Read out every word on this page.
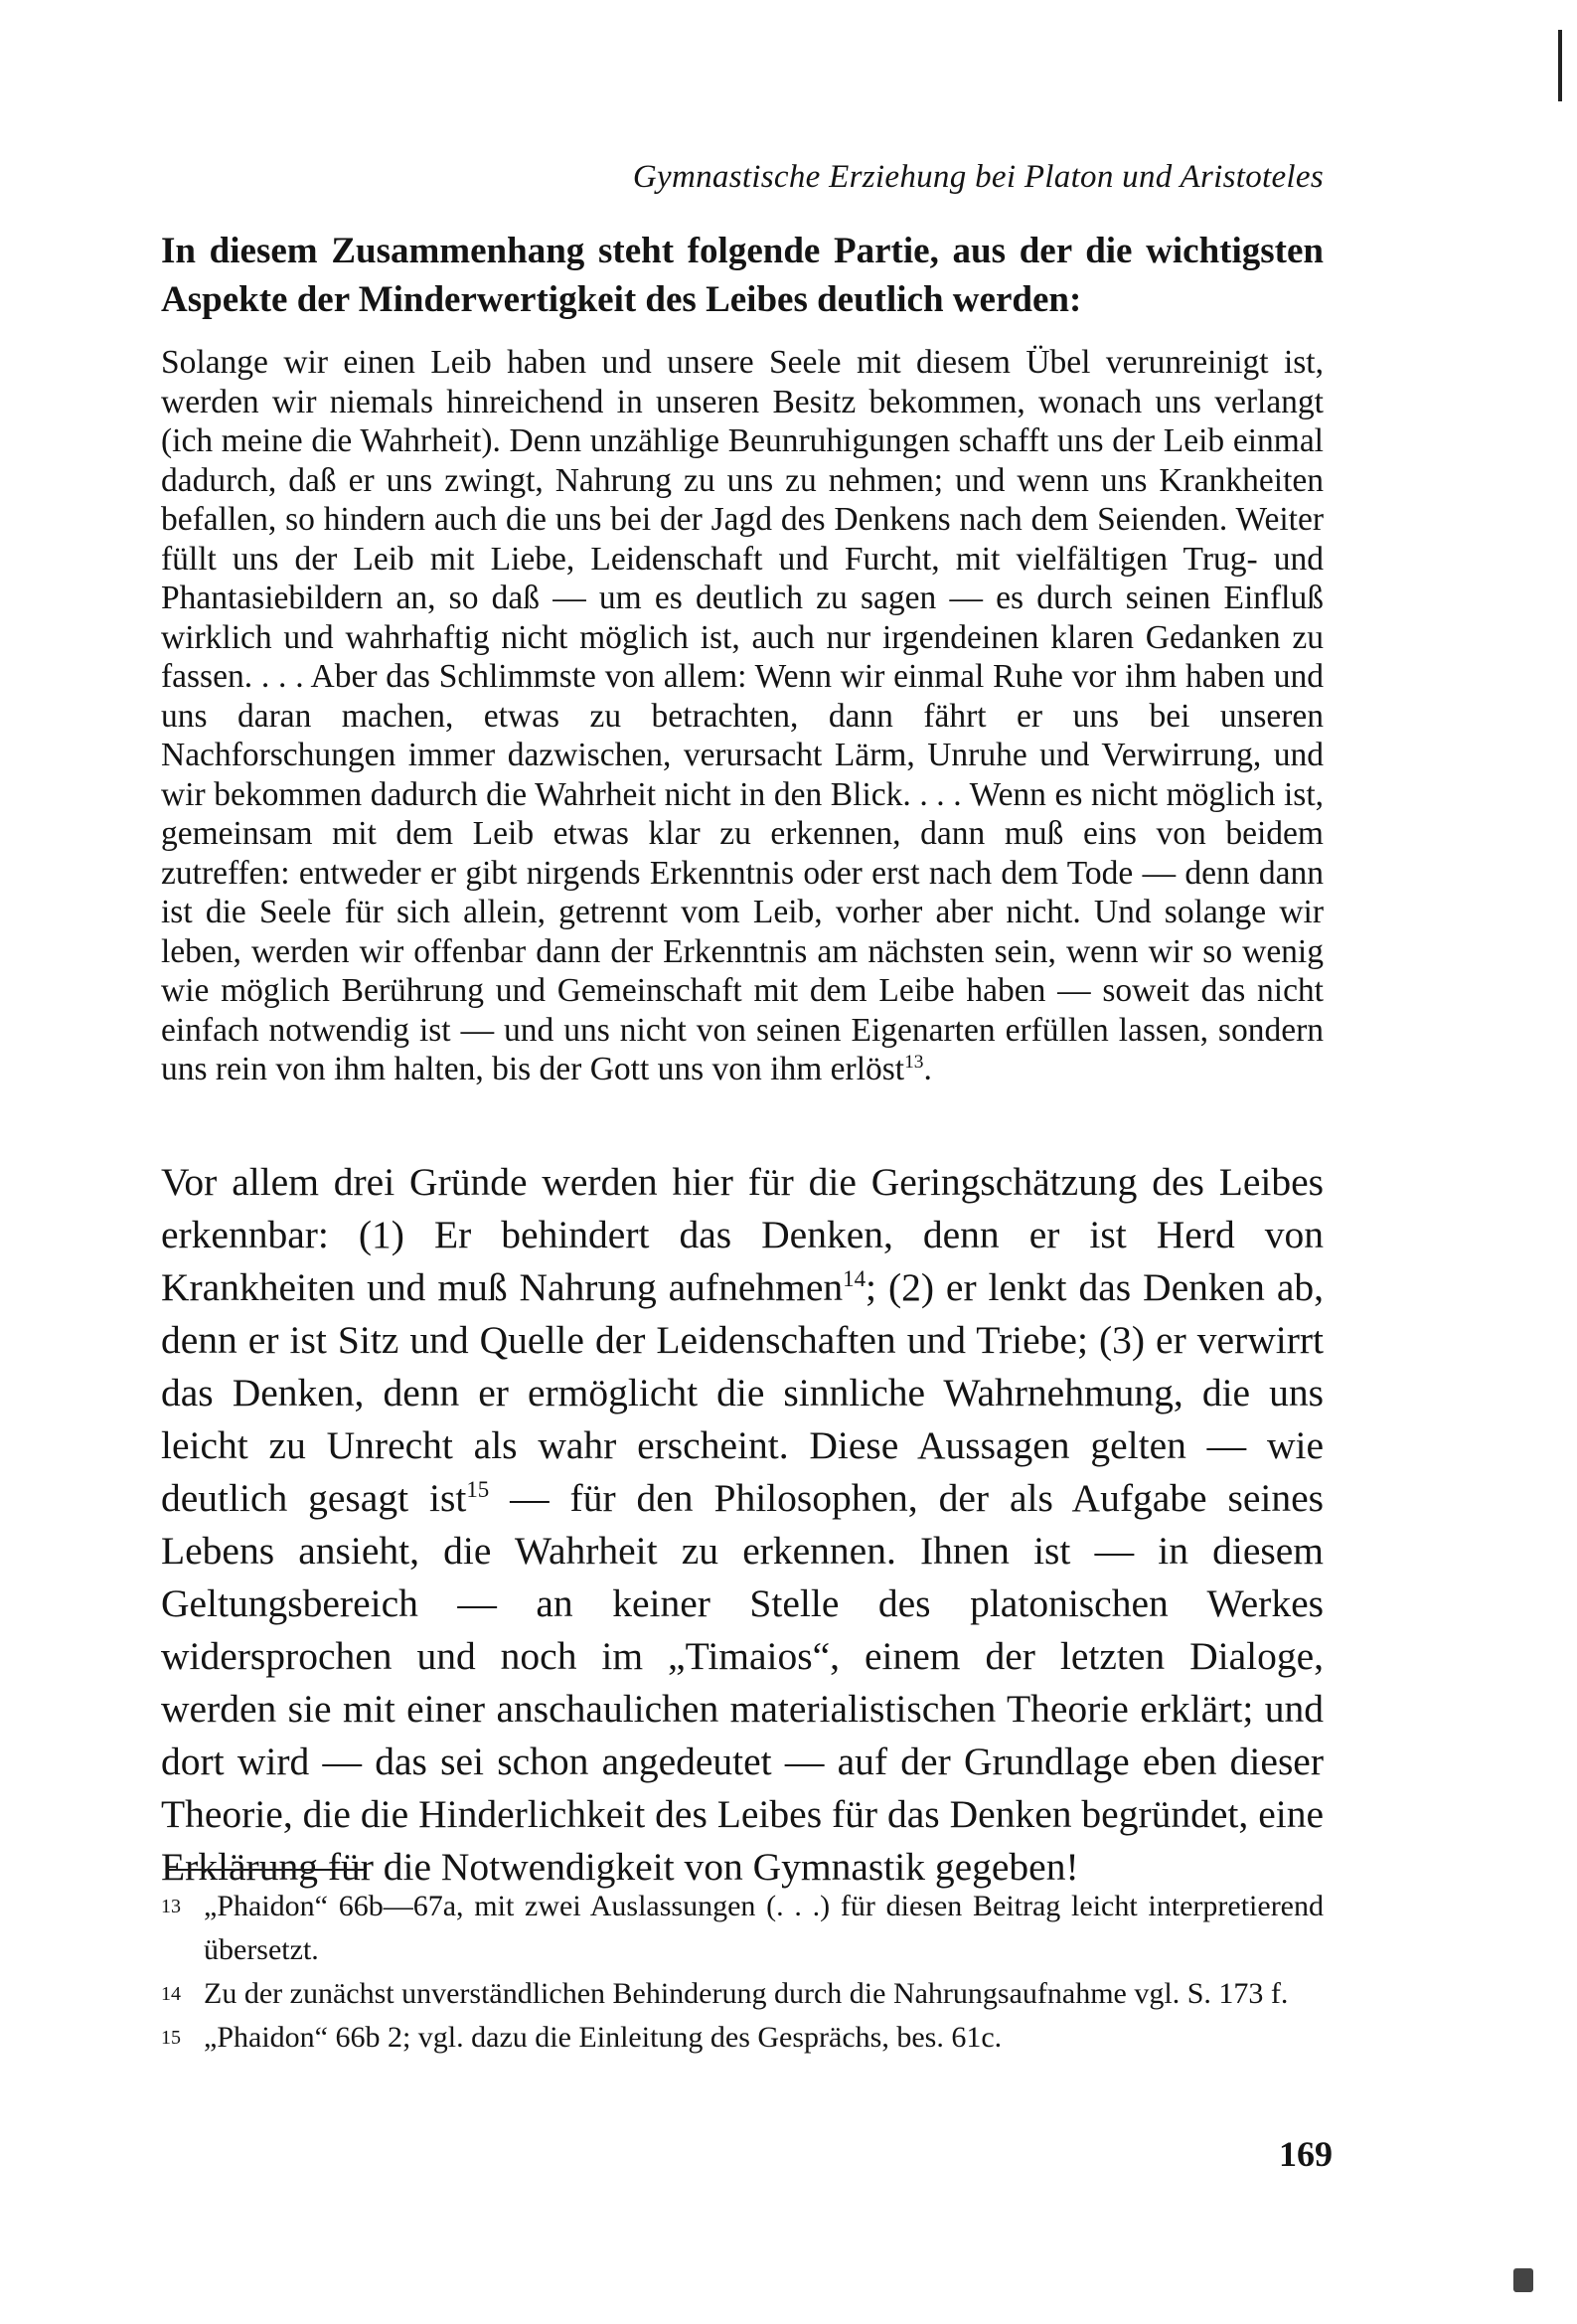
Gymnastische Erziehung bei Platon und Aristoteles

In diesem Zusammenhang steht folgende Partie, aus der die wichtigsten Aspekte der Minderwertigkeit des Leibes deutlich werden:

Solange wir einen Leib haben und unsere Seele mit diesem Übel verunreinigt ist, werden wir niemals hinreichend in unseren Besitz bekommen, wonach uns verlangt (ich meine die Wahrheit). Denn unzählige Beunruhigungen schafft uns der Leib einmal dadurch, daß er uns zwingt, Nahrung zu uns zu nehmen; und wenn uns Krankheiten befallen, so hindern auch die uns bei der Jagd des Denkens nach dem Seienden. Weiter füllt uns der Leib mit Liebe, Leidenschaft und Furcht, mit vielfältigen Trug- und Phantasiebildern an, so daß — um es deutlich zu sagen — es durch seinen Einfluß wirklich und wahrhaftig nicht möglich ist, auch nur irgendeinen klaren Gedanken zu fassen. . . . Aber das Schlimmste von allem: Wenn wir einmal Ruhe vor ihm haben und uns daran machen, etwas zu betrachten, dann fährt er uns bei unseren Nachforschungen immer dazwischen, verursacht Lärm, Unruhe und Verwirrung, und wir bekommen dadurch die Wahrheit nicht in den Blick. . . . Wenn es nicht möglich ist, gemeinsam mit dem Leib etwas klar zu erkennen, dann muß eins von beidem zutreffen: entweder er gibt nirgends Erkenntnis oder erst nach dem Tode — denn dann ist die Seele für sich allein, getrennt vom Leib, vorher aber nicht. Und solange wir leben, werden wir offenbar dann der Erkenntnis am nächsten sein, wenn wir so wenig wie möglich Berührung und Gemeinschaft mit dem Leibe haben — soweit das nicht einfach notwendig ist — und uns nicht von seinen Eigenarten erfüllen lassen, sondern uns rein von ihm halten, bis der Gott uns von ihm erlöst$^{13}$.

Vor allem drei Gründe werden hier für die Geringschätzung des Leibes erkennbar: (1) Er behindert das Denken, denn er ist Herd von Krankheiten und muß Nahrung aufnehmen$^{14}$; (2) er lenkt das Denken ab, denn er ist Sitz und Quelle der Leidenschaften und Triebe; (3) er verwirrt das Denken, denn er ermöglicht die sinnliche Wahrnehmung, die uns leicht zu Unrecht als wahr erscheint. Diese Aussagen gelten — wie deutlich gesagt ist$^{15}$ — für den Philosophen, der als Aufgabe seines Lebens ansieht, die Wahrheit zu erkennen. Ihnen ist — in diesem Geltungsbereich — an keiner Stelle des platonischen Werkes widersprochen und noch im „Timaios“, einem der letzten Dialoge, werden sie mit einer anschaulichen materialistischen Theorie erklärt; und dort wird — das sei schon angedeutet — auf der Grundlage eben dieser Theorie, die die Hinderlichkeit des Leibes für das Denken begründet, eine Erklärung für die Notwendigkeit von Gymnastik gegeben!

13 „Phaidon“ 66b—67a, mit zwei Auslassungen (. . .) für diesen Beitrag leicht interpretierend übersetzt.

14 Zu der zunächst unverständlichen Behinderung durch die Nahrungsaufnahme vgl. S. 173 f.

15 „Phaidon“ 66b 2; vgl. dazu die Einleitung des Gesprächs, bes. 61c.

169
